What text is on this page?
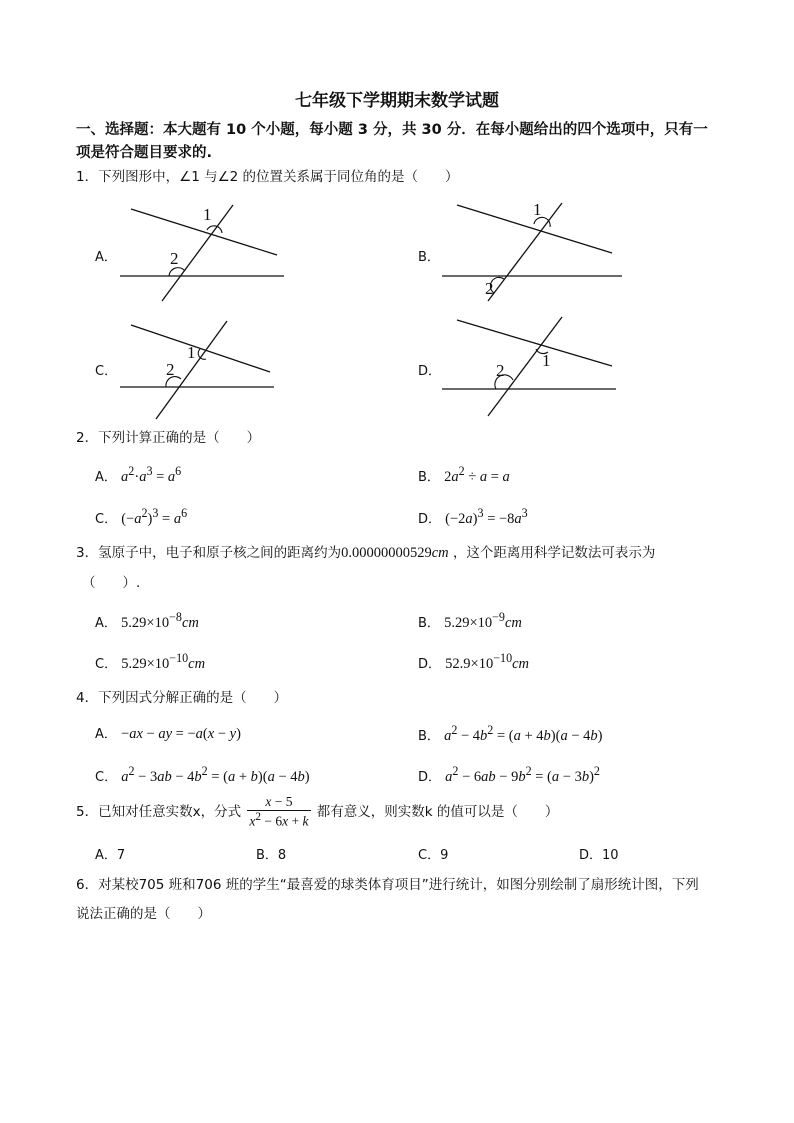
七年级下学期期末数学试题
一、选择题：本大题有 10 个小题，每小题 3 分，共 30 分．在每小题给出的四个选项中，只有一
项是符合题目要求的.
1．下列图形中，∠1 与∠2 的位置关系属于同位角的是（　　）
A．
1
2	B．
1
2
C．
1
2	D．
1
2
2．下列计算正确的是（　　）
A． $a^2\cdot a^3 = a^6$	B． $2a^2 \div a = a$
C． $(-a^2)^3 = a^6$	D． $(-2a)^3 = -8a^3$
3．氢原子中，电子和原子核之间的距离约为0.00000000529cm ，这个距离用科学记数法可表示为
（　　）.
A． $5.29\times 10^{-8}cm$	B． $5.29\times 10^{-9}cm$
C． $5.29\times 10^{-10}cm$	D． $52.9\times 10^{-10}cm$
4．下列因式分解正确的是（　　）
A． −ax − ay = −a(x − y)	B． $a^2 - 4b^2 = (a + 4b)(a - 4b)$
C． $a^2 - 3ab - 4b^2 = (a + b)(a - 4b)$	D． $a^2 - 6ab - 9b^2 = (a - 3b)^2$
5．已知对任意实数x，分式 $\frac{x - 5}{x^2 - 6x + k}$ 都有意义，则实数k 的值可以是（　　）
A．7	B．8	C．9	D．10
6．对某校705 班和706 班的学生“最喜爱的球类体育项目”进行统计，如图分别绘制了扇形统计图，下列
说法正确的是（　　）
